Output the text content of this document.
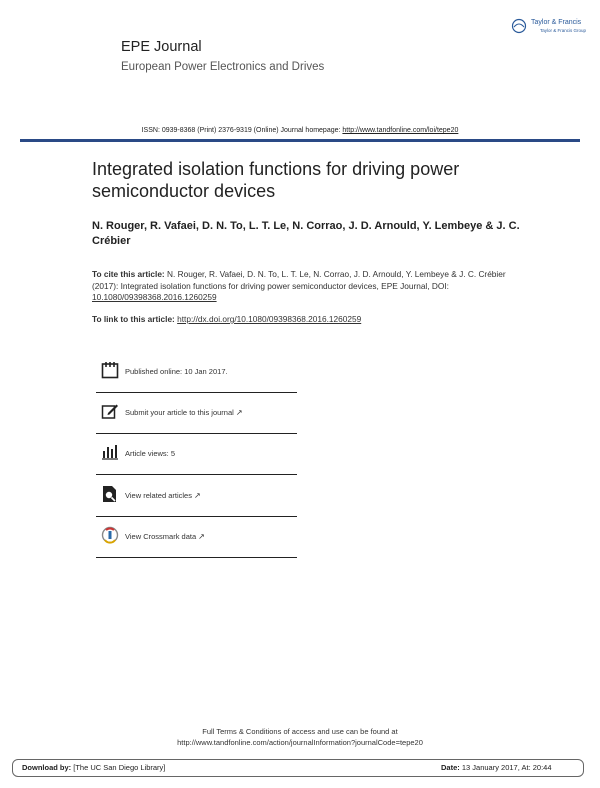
EPE Journal
European Power Electronics and Drives
Taylor & Francis
Taylor & Francis Group
ISSN: 0939-8368 (Print) 2376-9319 (Online) Journal homepage: http://www.tandfonline.com/loi/tepe20
Integrated isolation functions for driving power semiconductor devices
N. Rouger, R. Vafaei, D. N. To, L. T. Le, N. Corrao, J. D. Arnould, Y. Lembeye & J. C. Crébier
To cite this article: N. Rouger, R. Vafaei, D. N. To, L. T. Le, N. Corrao, J. D. Arnould, Y. Lembeye & J. C. Crébier (2017): Integrated isolation functions for driving power semiconductor devices, EPE Journal, DOI: 10.1080/09398368.2016.1260259
To link to this article: http://dx.doi.org/10.1080/09398368.2016.1260259
Published online: 10 Jan 2017.
Submit your article to this journal ↗
Article views: 5
View related articles ↗
View Crossmark data ↗
Full Terms & Conditions of access and use can be found at
http://www.tandfonline.com/action/journalInformation?journalCode=tepe20
Download by: [The UC San Diego Library]	Date: 13 January 2017, At: 20:44
